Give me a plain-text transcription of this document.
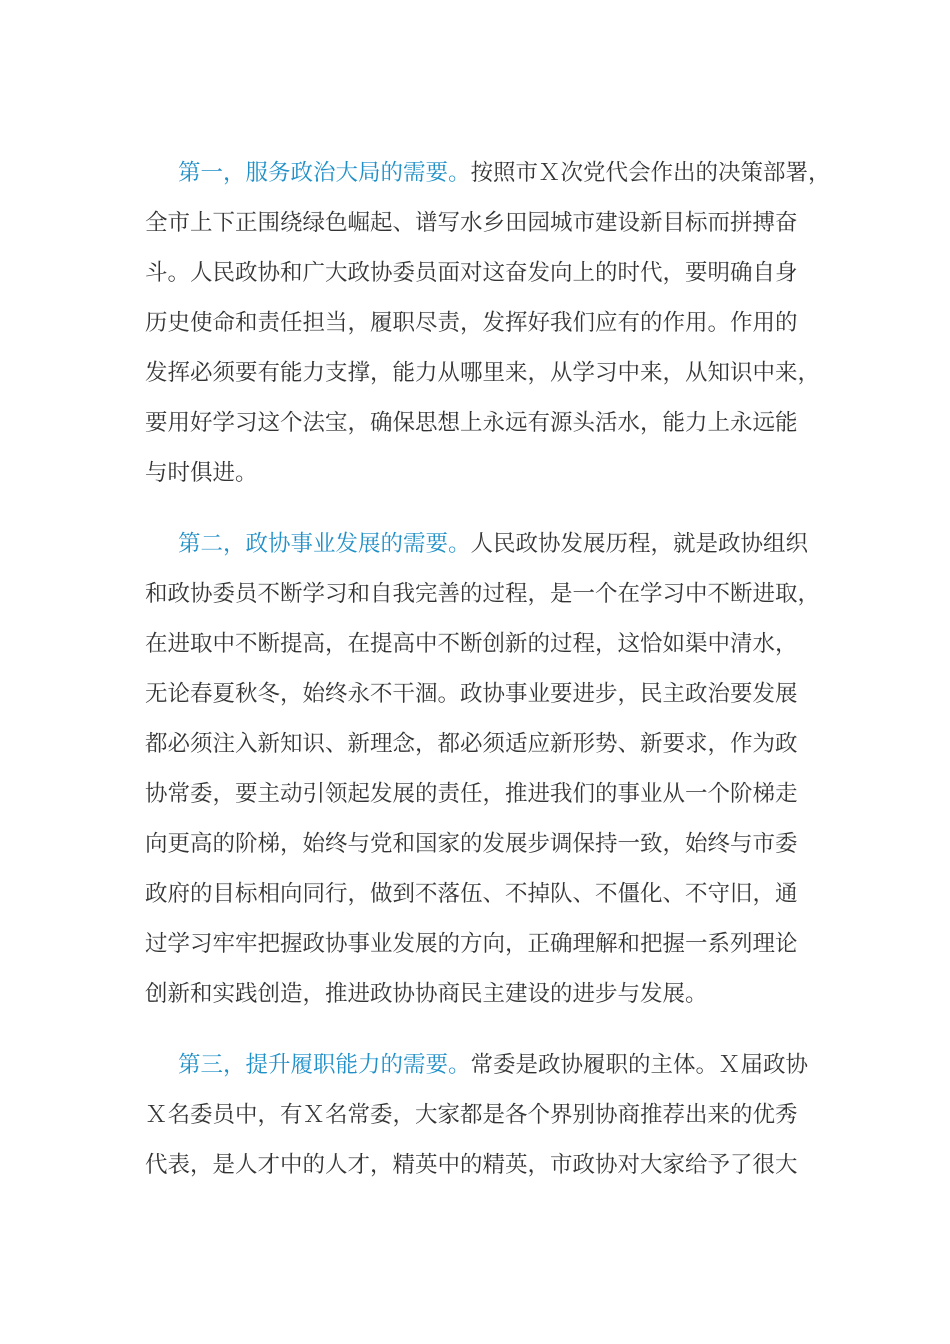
第一，服务政治大局的需要。按照市Ｘ次党代会作出的决策部署，
全市上下正围绕绿色崛起、谱写水乡田园城市建设新目标而拼搏奋
斗。人民政协和广大政协委员面对这奋发向上的时代，要明确自身
历史使命和责任担当，履职尽责，发挥好我们应有的作用。作用的
发挥必须要有能力支撑，能力从哪里来，从学习中来，从知识中来，
要用好学习这个法宝，确保思想上永远有源头活水，能力上永远能
与时俱进。

第二，政协事业发展的需要。人民政协发展历程，就是政协组织
和政协委员不断学习和自我完善的过程，是一个在学习中不断进取，
在进取中不断提高，在提高中不断创新的过程，这恰如渠中清水，
无论春夏秋冬，始终永不干涸。政协事业要进步，民主政治要发展
都必须注入新知识、新理念，都必须适应新形势、新要求，作为政
协常委，要主动引领起发展的责任，推进我们的事业从一个阶梯走
向更高的阶梯，始终与党和国家的发展步调保持一致，始终与市委
政府的目标相向同行，做到不落伍、不掉队、不僵化、不守旧，通
过学习牢牢把握政协事业发展的方向，正确理解和把握一系列理论
创新和实践创造，推进政协协商民主建设的进步与发展。

第三，提升履职能力的需要。常委是政协履职的主体。Ｘ届政协
Ｘ名委员中，有Ｘ名常委，大家都是各个界别协商推荐出来的优秀
代表，是人才中的人才，精英中的精英，市政协对大家给予了很大
